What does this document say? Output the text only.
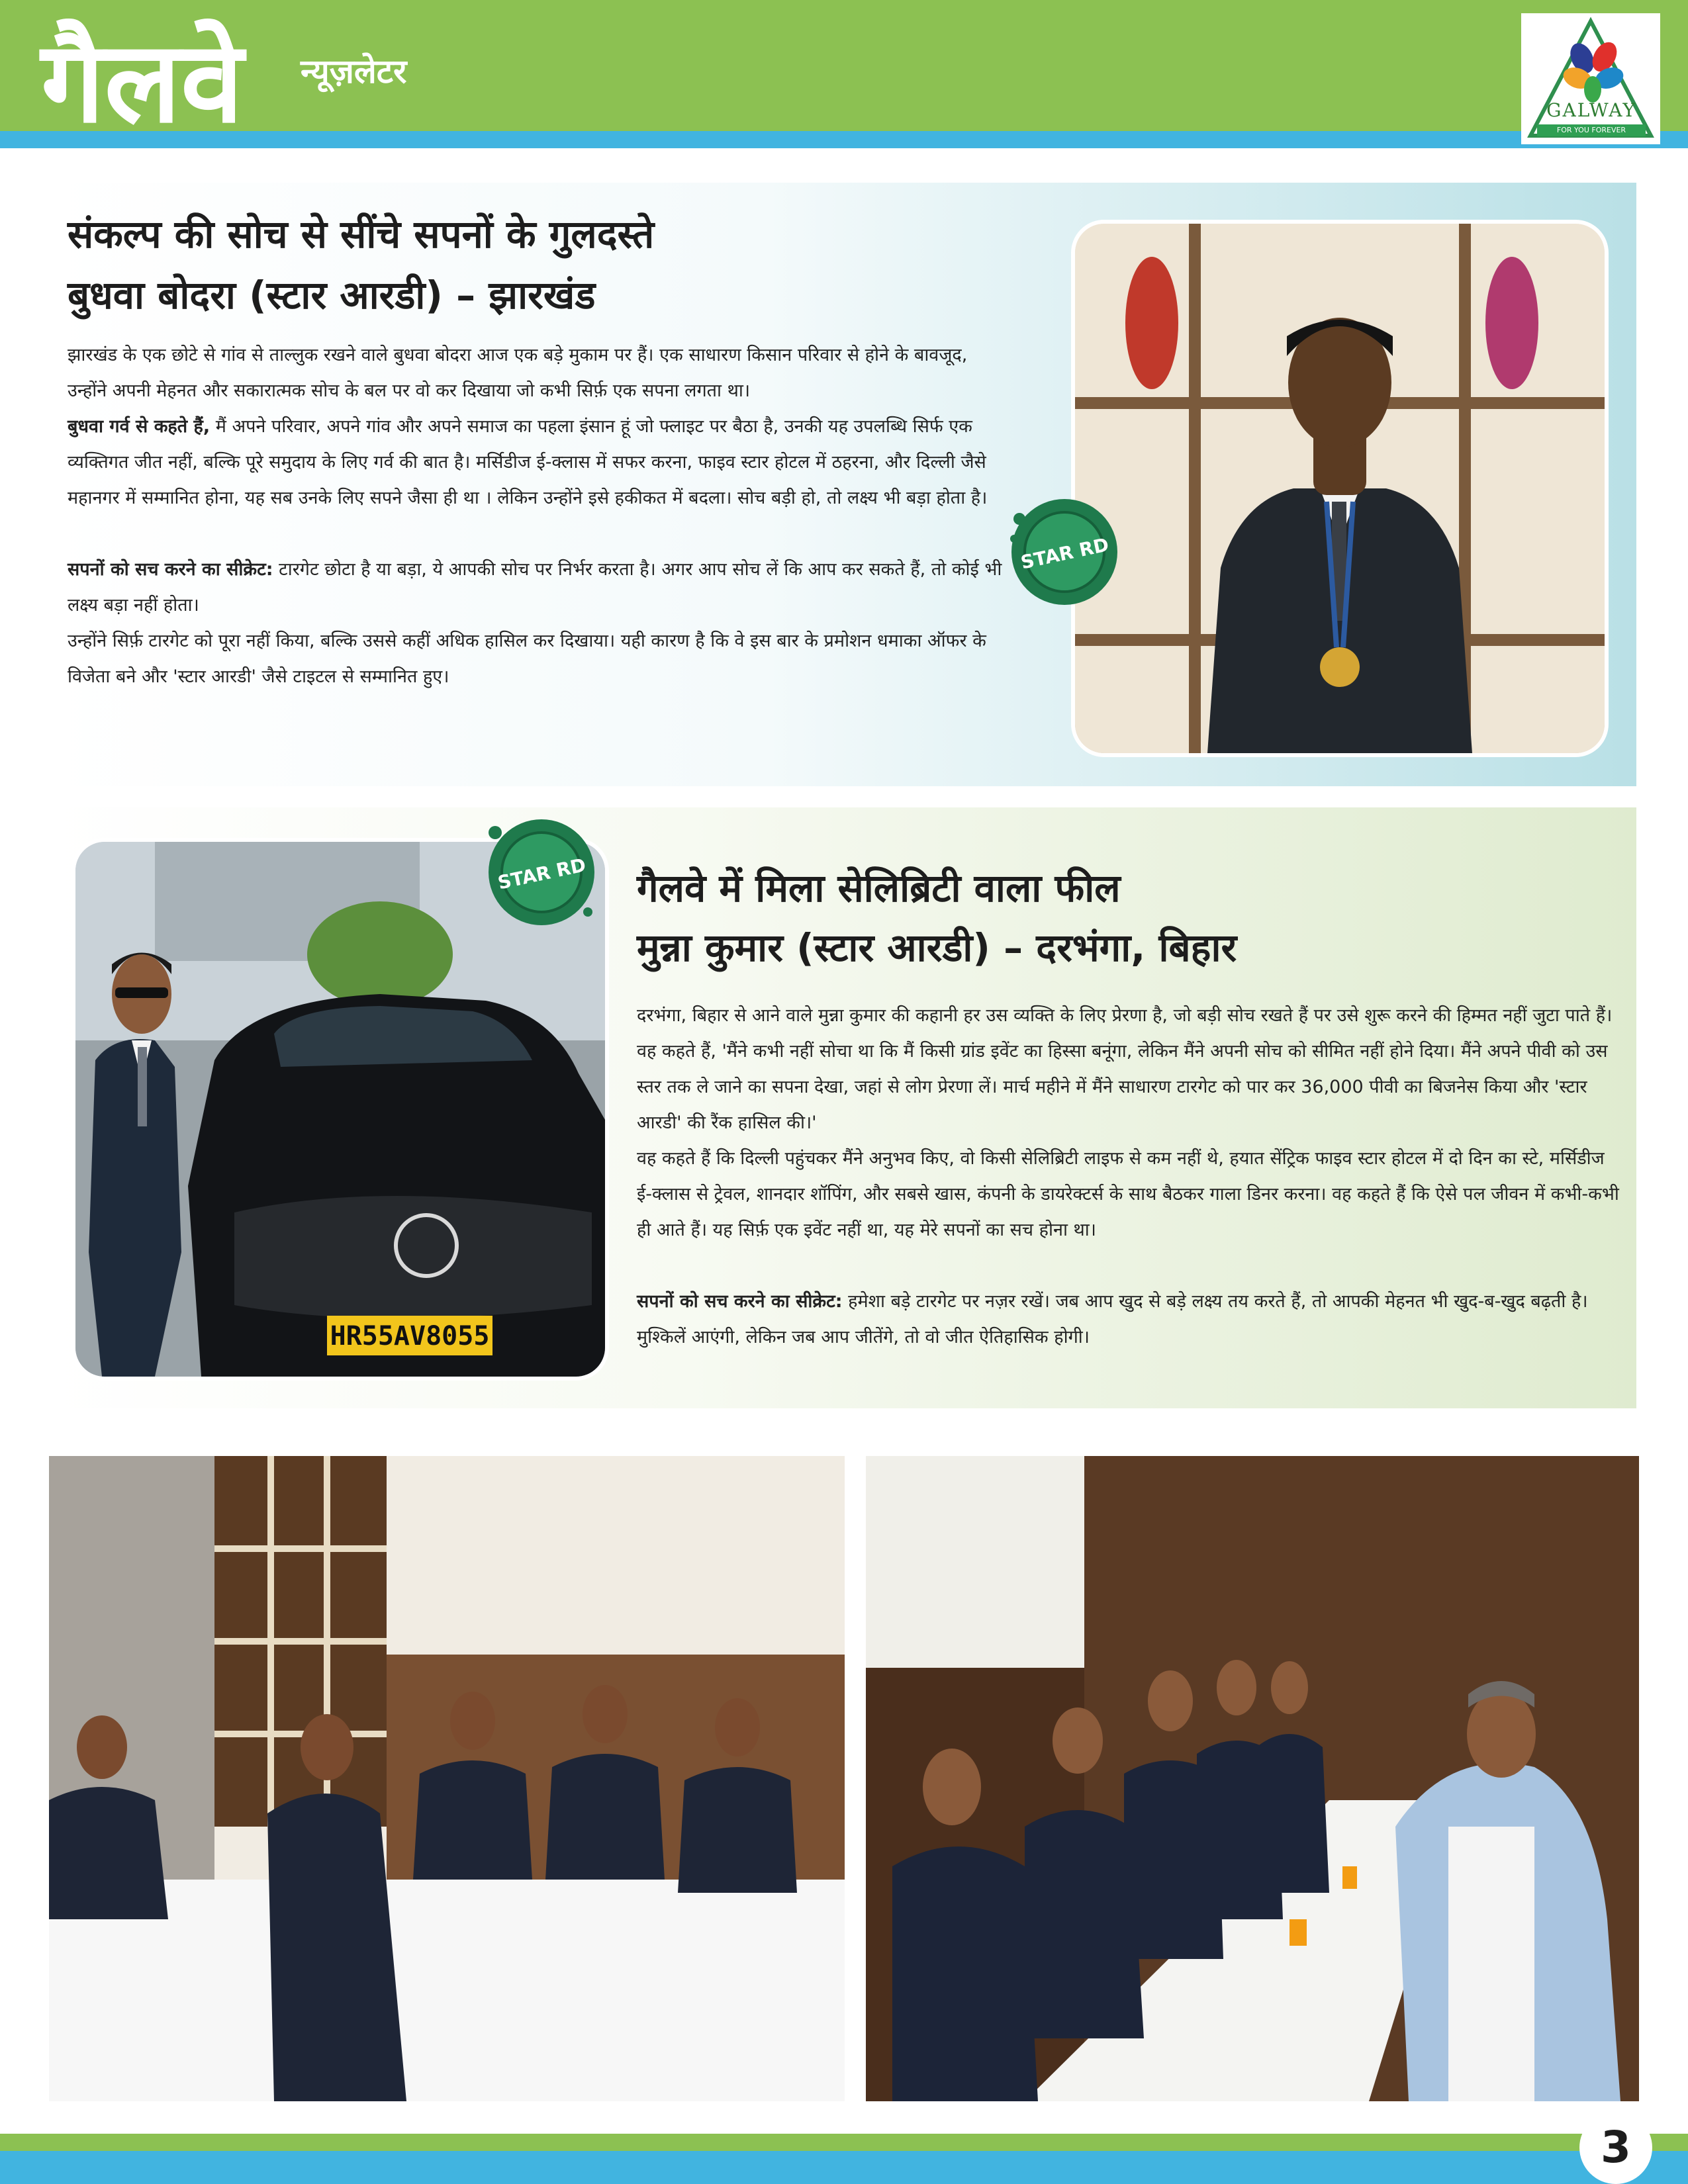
गैलवे न्यूज़लेटर
GALWAY
FOR YOU FOREVER
संकल्प की सोच से सींचे सपनों के गुलदस्ते
बुधवा बोदरा (स्टार आरडी) – झारखंड

झारखंड के एक छोटे से गांव से ताल्लुक रखने वाले बुधवा बोदरा आज एक बड़े मुकाम पर हैं। एक साधारण किसान परिवार से होने के बावजूद, उन्होंने अपनी मेहनत और सकारात्मक सोच के बल पर वो कर दिखाया जो कभी सिर्फ़ एक सपना लगता था।

बुधवा गर्व से कहते हैं, मैं अपने परिवार, अपने गांव और अपने समाज का पहला इंसान हूं जो फ्लाइट पर बैठा है, उनकी यह उपलब्धि सिर्फ एक व्यक्तिगत जीत नहीं, बल्कि पूरे समुदाय के लिए गर्व की बात है। मर्सिडीज ई-क्लास में सफर करना, फाइव स्टार होटल में ठहरना, और दिल्ली जैसे महानगर में सम्मानित होना, यह सब उनके लिए सपने जैसा ही था । लेकिन उन्होंने इसे हकीकत में बदला। सोच बड़ी हो, तो लक्ष्य भी बड़ा होता है।

सपनों को सच करने का सीक्रेट: टारगेट छोटा है या बड़ा, ये आपकी सोच पर निर्भर करता है। अगर आप सोच लें कि आप कर सकते हैं, तो कोई भी लक्ष्य बड़ा नहीं होता।

उन्होंने सिर्फ़ टारगेट को पूरा नहीं किया, बल्कि उससे कहीं अधिक हासिल कर दिखाया। यही कारण है कि वे इस बार के प्रमोशन धमाका ऑफर के विजेता बने और 'स्टार आरडी' जैसे टाइटल से सम्मानित हुए।

STAR RD
HR55AV8055
STAR RD गैलवे में मिला सेलिब्रिटी वाला फील
मुन्ना कुमार (स्टार आरडी) – दरभंगा, बिहार

दरभंगा, बिहार से आने वाले मुन्ना कुमार की कहानी हर उस व्यक्ति के लिए प्रेरणा है, जो बड़ी सोच रखते हैं पर उसे शुरू करने की हिम्मत नहीं जुटा पाते हैं। वह कहते हैं, 'मैंने कभी नहीं सोचा था कि मैं किसी ग्रांड इवेंट का हिस्सा बनूंगा, लेकिन मैंने अपनी सोच को सीमित नहीं होने दिया। मैंने अपने पीवी को उस स्तर तक ले जाने का सपना देखा, जहां से लोग प्रेरणा लें। मार्च महीने में मैंने साधारण टारगेट को पार कर 36,000 पीवी का बिजनेस किया और 'स्टार आरडी' की रैंक हासिल की।'

वह कहते हैं कि दिल्ली पहुंचकर मैंने अनुभव किए, वो किसी सेलिब्रिटी लाइफ से कम नहीं थे, हयात सेंट्रिक फाइव स्टार होटल में दो दिन का स्टे, मर्सिडीज ई-क्लास से ट्रेवल, शानदार शॉपिंग, और सबसे खास, कंपनी के डायरेक्टर्स के साथ बैठकर गाला डिनर करना। वह कहते हैं कि ऐसे पल जीवन में कभी-कभी ही आते हैं। यह सिर्फ़ एक इवेंट नहीं था, यह मेरे सपनों का सच होना था।

सपनों को सच करने का सीक्रेट: हमेशा बड़े टारगेट पर नज़र रखें। जब आप खुद से बड़े लक्ष्य तय करते हैं, तो आपकी मेहनत भी खुद-ब-खुद बढ़ती है। मुश्किलें आएंगी, लेकिन जब आप जीतेंगे, तो वो जीत ऐतिहासिक होगी।

3
